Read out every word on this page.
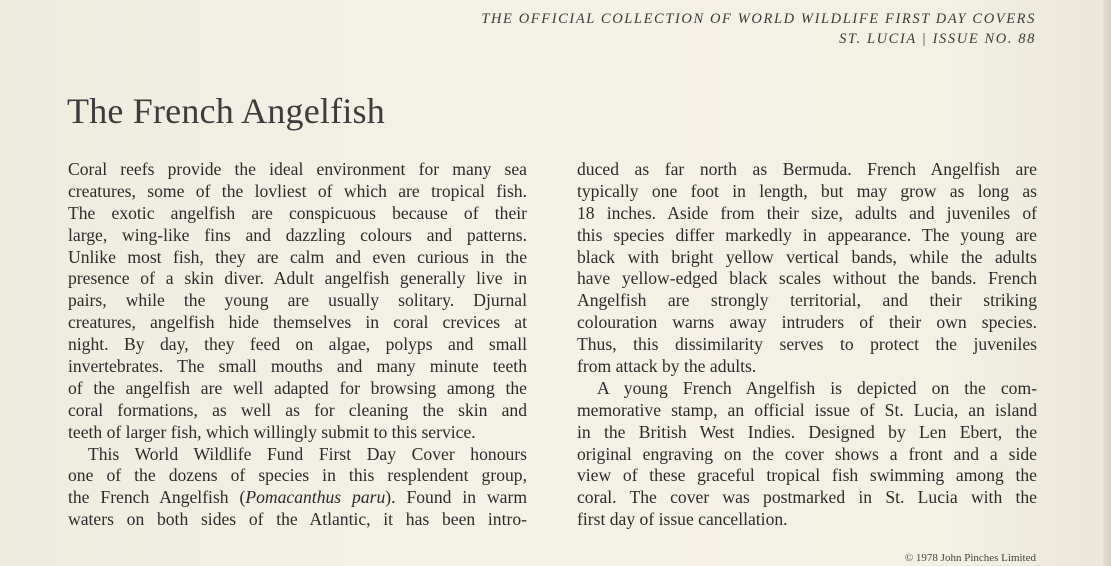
THE OFFICIAL COLLECTION OF WORLD WILDLIFE FIRST DAY COVERS
ST. LUCIA | ISSUE NO. 88
The French Angelfish
Coral reefs provide the ideal environment for many sea
creatures, some of the lovliest of which are tropical fish.
The exotic angelfish are conspicuous because of their
large, wing-like fins and dazzling colours and patterns.
Unlike most fish, they are calm and even curious in the
presence of a skin diver. Adult angelfish generally live in
pairs, while the young are usually solitary. Djurnal
creatures, angelfish hide themselves in coral crevices at
night. By day, they feed on algae, polyps and small
invertebrates. The small mouths and many minute teeth
of the angelfish are well adapted for browsing among the
coral formations, as well as for cleaning the skin and
teeth of larger fish, which willingly submit to this service.
This World Wildlife Fund First Day Cover honours
one of the dozens of species in this resplendent group,
the French Angelfish (Pomacanthus paru). Found in warm
waters on both sides of the Atlantic, it has been intro-
duced as far north as Bermuda. French Angelfish are
typically one foot in length, but may grow as long as
18 inches. Aside from their size, adults and juveniles of
this species differ markedly in appearance. The young are
black with bright yellow vertical bands, while the adults
have yellow-edged black scales without the bands. French
Angelfish are strongly territorial, and their striking
colouration warns away intruders of their own species.
Thus, this dissimilarity serves to protect the juveniles
from attack by the adults.
A young French Angelfish is depicted on the com-
memorative stamp, an official issue of St. Lucia, an island
in the British West Indies. Designed by Len Ebert, the
original engraving on the cover shows a front and a side
view of these graceful tropical fish swimming among the
coral. The cover was postmarked in St. Lucia with the
first day of issue cancellation.
© 1978 John Pinches Limited
